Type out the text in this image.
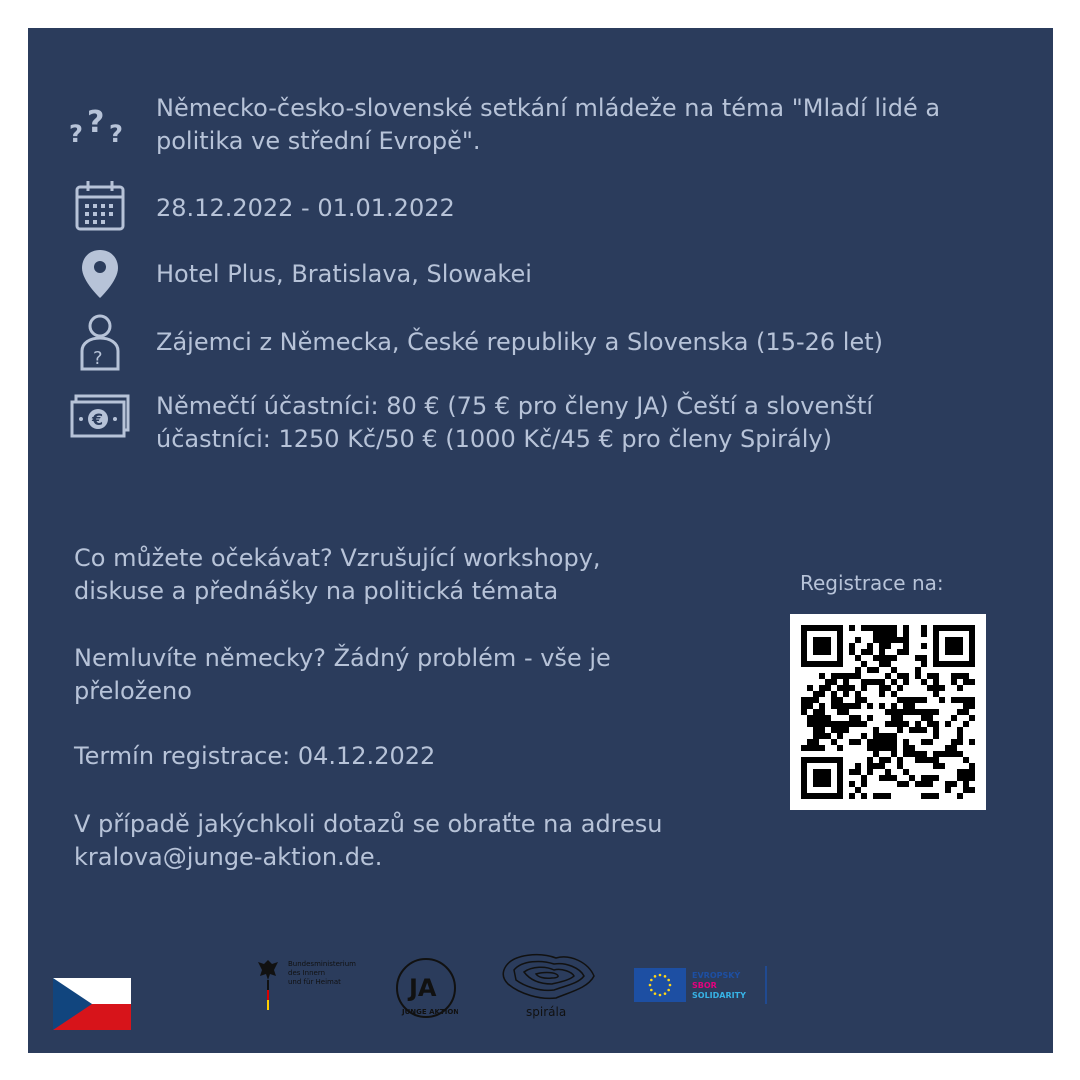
? ? ?
Německo-česko-slovenské setkání mládeže na téma "Mladí lidé a politika ve střední Evropě".
28.12.2022 - 01.01.2022
Hotel Plus, Bratislava, Slowakei
?
Zájemci z Německa, České republiky a Slovenska (15-26 let)
€ Němečtí účastníci: 80 € (75 € pro členy JA) Čeští a slovenští účastníci: 1250 Kč/50 € (1000 Kč/45 € pro členy Spirály)
Co můžete očekávat? Vzrušující workshopy, diskuse a přednášky na politická témata
Nemluvíte německy? Žádný problém - vše je přeloženo
Termín registrace: 04.12.2022
V případě jakýchkoli dotazů se obraťte na adresu kralova@junge-aktion.de.
Registrace na:
Bundesministerium
des Innern
und für Heimat	JA
JUNGE AKTION	spirála
EVROPSKÝ
SBOR
SOLIDARITY
